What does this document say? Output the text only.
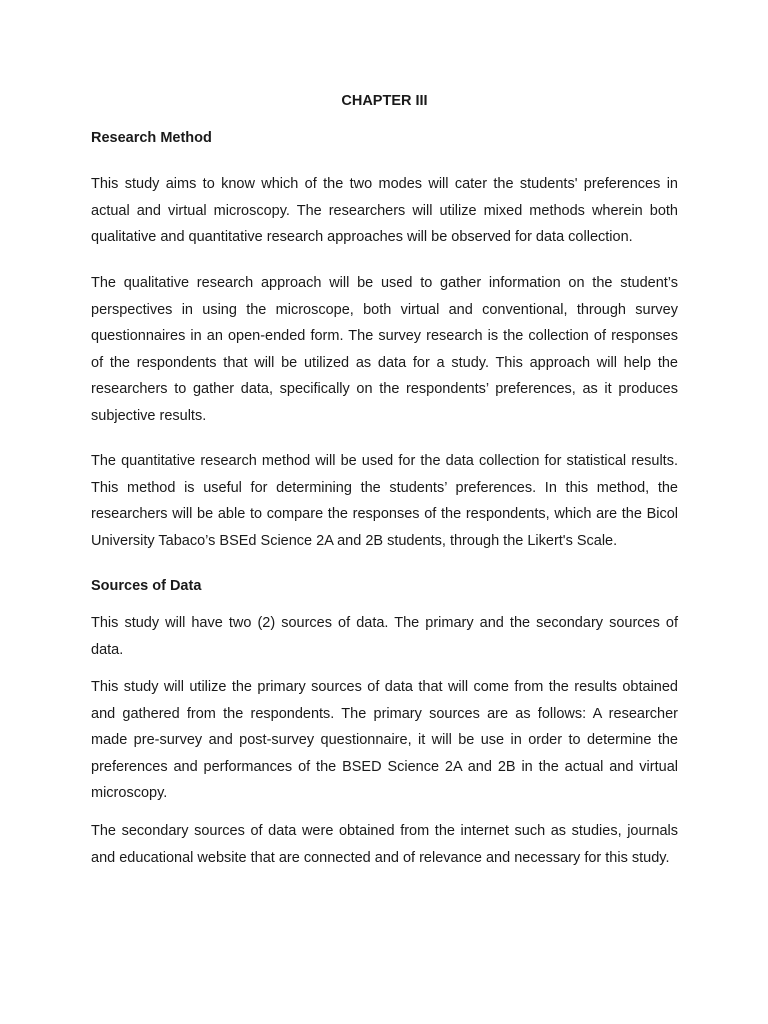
CHAPTER III
Research Method

This study aims to know which of the two modes will cater the students' preferences in actual and virtual microscopy. The researchers will utilize mixed methods wherein both qualitative and quantitative research approaches will be observed for data collection.

The qualitative research approach will be used to gather information on the student’s perspectives in using the microscope, both virtual and conventional, through survey questionnaires in an open-ended form. The survey research is the collection of responses of the respondents that will be utilized as data for a study. This approach will help the researchers to gather data, specifically on the respondents’ preferences, as it produces subjective results.

The quantitative research method will be used for the data collection for statistical results. This method is useful for determining the students’ preferences. In this method, the researchers will be able to compare the responses of the respondents, which are the Bicol University Tabaco’s BSEd Science 2A and 2B students, through the Likert's Scale.

Sources of Data

This study will have two (2) sources of data. The primary and the secondary sources of data.

This study will utilize the primary sources of data that will come from the results obtained and gathered from the respondents. The primary sources are as follows: A researcher made pre-survey and post-survey questionnaire, it will be use in order to determine the preferences and performances of the BSED Science 2A and 2B in the actual and virtual microscopy.

The secondary sources of data were obtained from the internet such as studies, journals and educational website that are connected and of relevance and necessary for this study.
